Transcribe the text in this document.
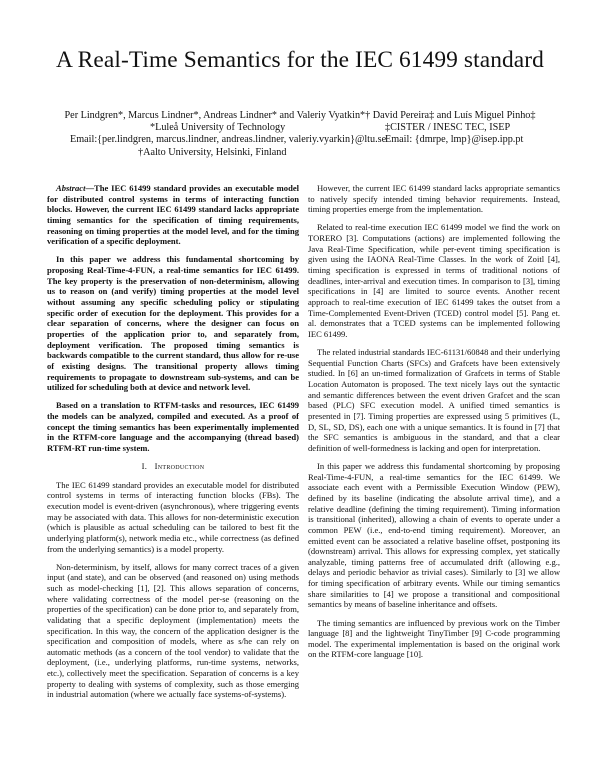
A Real-Time Semantics for the IEC 61499 standard
Per Lindgren*, Marcus Lindner*, Andreas Lindner* and Valeriy Vyatkin*† David Pereira‡ and Luís Miguel Pinho‡
*Luleå University of Technology	‡CISTER / INESC TEC, ISEP
Email:{per.lindgren, marcus.lindner, andreas.lindner, valeriy.vyarkin}@ltu.se
Email: {dmrpe, lmp}@isep.ipp.pt
†Aalto University, Helsinki, Finland

Abstract—The IEC 61499 standard provides an executable model for distributed control systems in terms of interacting function blocks. However, the current IEC 61499 standard lacks appropriate timing semantics for the specification of timing requirements, reasoning on timing properties at the model level, and for the timing verification of a specific deployment.

In this paper we address this fundamental shortcoming by proposing Real-Time-4-FUN, a real-time semantics for IEC 61499. The key property is the preservation of non-determinism, allowing us to reason on (and verify) timing properties at the model level without assuming any specific scheduling policy or stipulating specific order of execution for the deployment. This provides for a clear separation of concerns, where the designer can focus on properties of the application prior to, and separately from, deployment verification. The proposed timing semantics is backwards compatible to the current standard, thus allow for re-use of existing designs. The transitional property allows timing requirements to propagate to downstream sub-systems, and can be utilized for scheduling both at device and network level.

Based on a translation to RTFM-tasks and resources, IEC 61499 the models can be analyzed, compiled and executed. As a proof of concept the timing semantics has been experimentally implemented in the RTFM-core language and the accompanying (thread based) RTFM-RT run-time system.

I. Introduction

The IEC 61499 standard provides an executable model for distributed control systems in terms of interacting function blocks (FBs). The execution model is event-driven (asynchronous), where triggering events may be associated with data. This allows for non-deterministic execution (which is plausible as actual scheduling can be tailored to best fit the underlying platform(s), network media etc., while correctness (as defined from the underlying semantics) is a model property.

Non-determinism, by itself, allows for many correct traces of a given input (and state), and can be observed (and reasoned on) using methods such as model-checking [1], [2]. This allows separation of concerns, where validating correctness of the model per-se (reasoning on the properties of the specification) can be done prior to, and separately from, validating that a specific deployment (implementation) meets the specification. In this way, the concern of the application designer is the specification and composition of models, where as s/he can rely on automatic methods (as a concern of the tool vendor) to validate that the deployment, (i.e., underlying platforms, run-time systems, networks, etc.), collectively meet the specification. Separation of concerns is a key property to dealing with systems of complexity, such as those emerging in industrial automation (where we actually face systems-of-systems).

However, the current IEC 61499 standard lacks appropriate semantics to natively specify intended timing behavior requirements. Instead, timing properties emerge from the implementation.

Related to real-time execution IEC 61499 model we find the work on TORERO [3]. Computations (actions) are implemented following the Java Real-Time Specification, while per-event timing specification is given using the IAONA Real-Time Classes. In the work of Zoitl [4], timing specification is expressed in terms of traditional notions of deadlines, inter-arrival and execution times. In comparison to [3], timing specifications in [4] are limited to source events. Another recent approach to real-time execution of IEC 61499 takes the outset from a Time-Complemented Event-Driven (TCED) control model [5]. Pang et. al. demonstrates that a TCED systems can be implemented following IEC 61499.

The related industrial standards IEC-61131/60848 and their underlying Sequential Function Charts (SFCs) and Grafcets have been extensively studied. In [6] an un-timed formalization of Grafcets in terms of Stable Location Automaton is proposed. The text nicely lays out the syntactic and semantic differences between the event driven Grafcet and the scan based (PLC) SFC execution model. A unified timed semantics is presented in [7]. Timing properties are expressed using 5 primitives (L, D, SL, SD, DS), each one with a unique semantics. It is found in [7] that the SFC semantics is ambiguous in the standard, and that a clear definition of well-formedness is lacking and open for interpretation.

In this paper we address this fundamental shortcoming by proposing Real-Time-4-FUN, a real-time semantics for the IEC 61499. We associate each event with a Permissible Execution Window (PEW), defined by its baseline (indicating the absolute arrival time), and a relative deadline (defining the timing requirement). Timing information is transitional (inherited), allowing a chain of events to operate under a common PEW (i.e., end-to-end timing requirement). Moreover, an emitted event can be associated a relative baseline offset, postponing its (downstream) arrival. This allows for expressing complex, yet statically analyzable, timing patterns free of accumulated drift (allowing e.g., delays and periodic behavior as trivial cases). Similarly to [3] we allow for timing specification of arbitrary events. While our timing semantics share similarities to [4] we propose a transitional and compositional semantics by means of baseline inheritance and offsets.

The timing semantics are influenced by previous work on the Timber language [8] and the lightweight TinyTimber [9] C-code programming model. The experimental implementation is based on the original work on the RTFM-core language [10].
